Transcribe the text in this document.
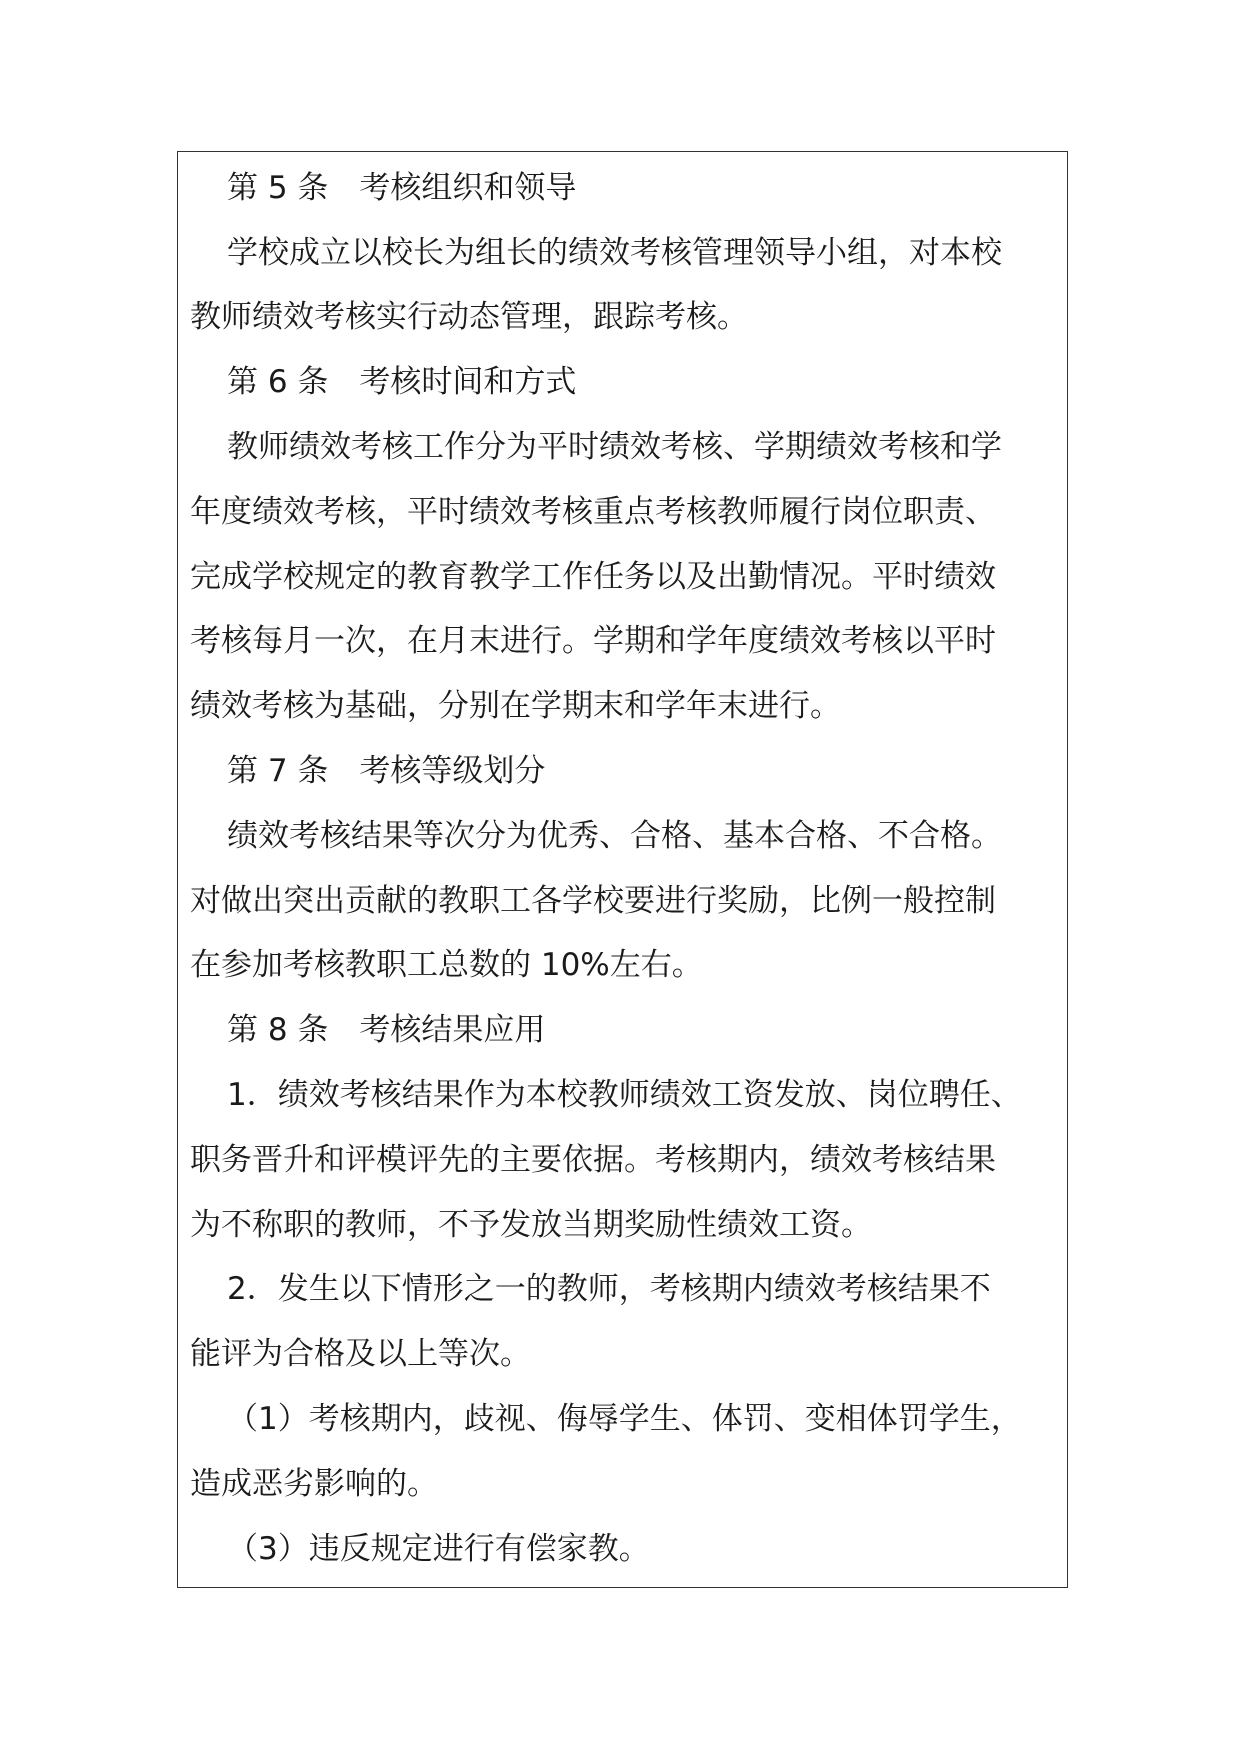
第 5 条　考核组织和领导
学校成立以校长为组长的绩效考核管理领导小组，对本校
教师绩效考核实行动态管理，跟踪考核。
第 6 条　考核时间和方式
教师绩效考核工作分为平时绩效考核、学期绩效考核和学
年度绩效考核，平时绩效考核重点考核教师履行岗位职责、
完成学校规定的教育教学工作任务以及出勤情况。平时绩效
考核每月一次，在月末进行。学期和学年度绩效考核以平时
绩效考核为基础，分别在学期末和学年末进行。
第 7 条　考核等级划分
绩效考核结果等次分为优秀、合格、基本合格、不合格。
对做出突出贡献的教职工各学校要进行奖励，比例一般控制
在参加考核教职工总数的 10%左右。
第 8 条　考核结果应用
1．绩效考核结果作为本校教师绩效工资发放、岗位聘任、
职务晋升和评模评先的主要依据。考核期内，绩效考核结果
为不称职的教师，不予发放当期奖励性绩效工资。
2．发生以下情形之一的教师，考核期内绩效考核结果不
能评为合格及以上等次。
（1）考核期内，歧视、侮辱学生、体罚、变相体罚学生，
造成恶劣影响的。
（3）违反规定进行有偿家教。
